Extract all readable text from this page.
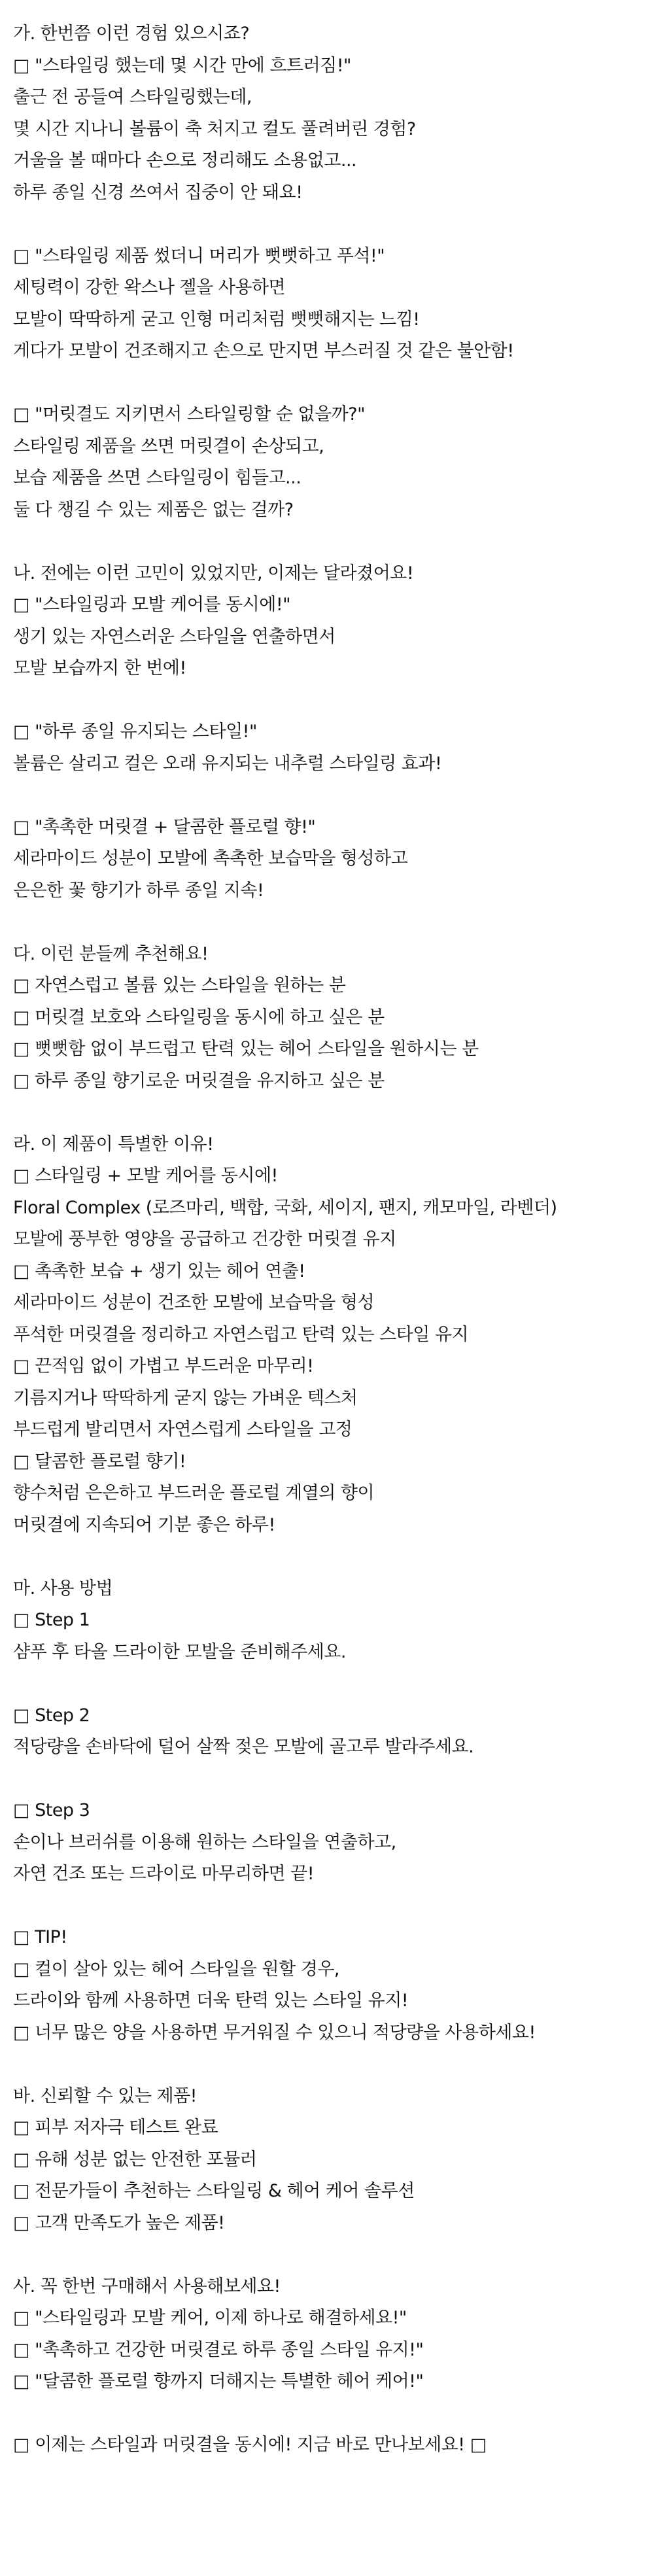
가. 한번쯤 이런 경험 있으시죠?
□ "스타일링 했는데 몇 시간 만에 흐트러짐!"
출근 전 공들여 스타일링했는데,
몇 시간 지나니 볼륨이 축 처지고 컬도 풀려버린 경험?
거울을 볼 때마다 손으로 정리해도 소용없고...
하루 종일 신경 쓰여서 집중이 안 돼요!
□ "스타일링 제품 썼더니 머리가 뻣뻣하고 푸석!"
세팅력이 강한 왁스나 젤을 사용하면
모발이 딱딱하게 굳고 인형 머리처럼 뻣뻣해지는 느낌!
게다가 모발이 건조해지고 손으로 만지면 부스러질 것 같은 불안함!
□ "머릿결도 지키면서 스타일링할 순 없을까?"
스타일링 제품을 쓰면 머릿결이 손상되고,
보습 제품을 쓰면 스타일링이 힘들고...
둘 다 챙길 수 있는 제품은 없는 걸까?
나. 전에는 이런 고민이 있었지만, 이제는 달라졌어요!
□ "스타일링과 모발 케어를 동시에!"
생기 있는 자연스러운 스타일을 연출하면서
모발 보습까지 한 번에!
□ "하루 종일 유지되는 스타일!"
볼륨은 살리고 컬은 오래 유지되는 내추럴 스타일링 효과!
□ "촉촉한 머릿결 + 달콤한 플로럴 향!"
세라마이드 성분이 모발에 촉촉한 보습막을 형성하고
은은한 꽃 향기가 하루 종일 지속!
다. 이런 분들께 추천해요!
□ 자연스럽고 볼륨 있는 스타일을 원하는 분
□ 머릿결 보호와 스타일링을 동시에 하고 싶은 분
□ 뻣뻣함 없이 부드럽고 탄력 있는 헤어 스타일을 원하시는 분
□ 하루 종일 향기로운 머릿결을 유지하고 싶은 분
라. 이 제품이 특별한 이유!
□ 스타일링 + 모발 케어를 동시에!
Floral Complex (로즈마리, 백합, 국화, 세이지, 팬지, 캐모마일, 라벤더)
모발에 풍부한 영양을 공급하고 건강한 머릿결 유지
□ 촉촉한 보습 + 생기 있는 헤어 연출!
세라마이드 성분이 건조한 모발에 보습막을 형성
푸석한 머릿결을 정리하고 자연스럽고 탄력 있는 스타일 유지
□ 끈적임 없이 가볍고 부드러운 마무리!
기름지거나 딱딱하게 굳지 않는 가벼운 텍스처
부드럽게 발리면서 자연스럽게 스타일을 고정
□ 달콤한 플로럴 향기!
향수처럼 은은하고 부드러운 플로럴 계열의 향이
머릿결에 지속되어 기분 좋은 하루!
마. 사용 방법
□ Step 1
샴푸 후 타올 드라이한 모발을 준비해주세요.
□ Step 2
적당량을 손바닥에 덜어 살짝 젖은 모발에 골고루 발라주세요.
□ Step 3
손이나 브러쉬를 이용해 원하는 스타일을 연출하고,
자연 건조 또는 드라이로 마무리하면 끝!
□ TIP!
□ 컬이 살아 있는 헤어 스타일을 원할 경우,
드라이와 함께 사용하면 더욱 탄력 있는 스타일 유지!
□ 너무 많은 양을 사용하면 무거워질 수 있으니 적당량을 사용하세요!
바. 신뢰할 수 있는 제품!
□ 피부 저자극 테스트 완료
□ 유해 성분 없는 안전한 포뮬러
□ 전문가들이 추천하는 스타일링 & 헤어 케어 솔루션
□ 고객 만족도가 높은 제품!
사. 꼭 한번 구매해서 사용해보세요!
□ "스타일링과 모발 케어, 이제 하나로 해결하세요!"
□ "촉촉하고 건강한 머릿결로 하루 종일 스타일 유지!"
□ "달콤한 플로럴 향까지 더해지는 특별한 헤어 케어!"
□ 이제는 스타일과 머릿결을 동시에! 지금 바로 만나보세요! □
